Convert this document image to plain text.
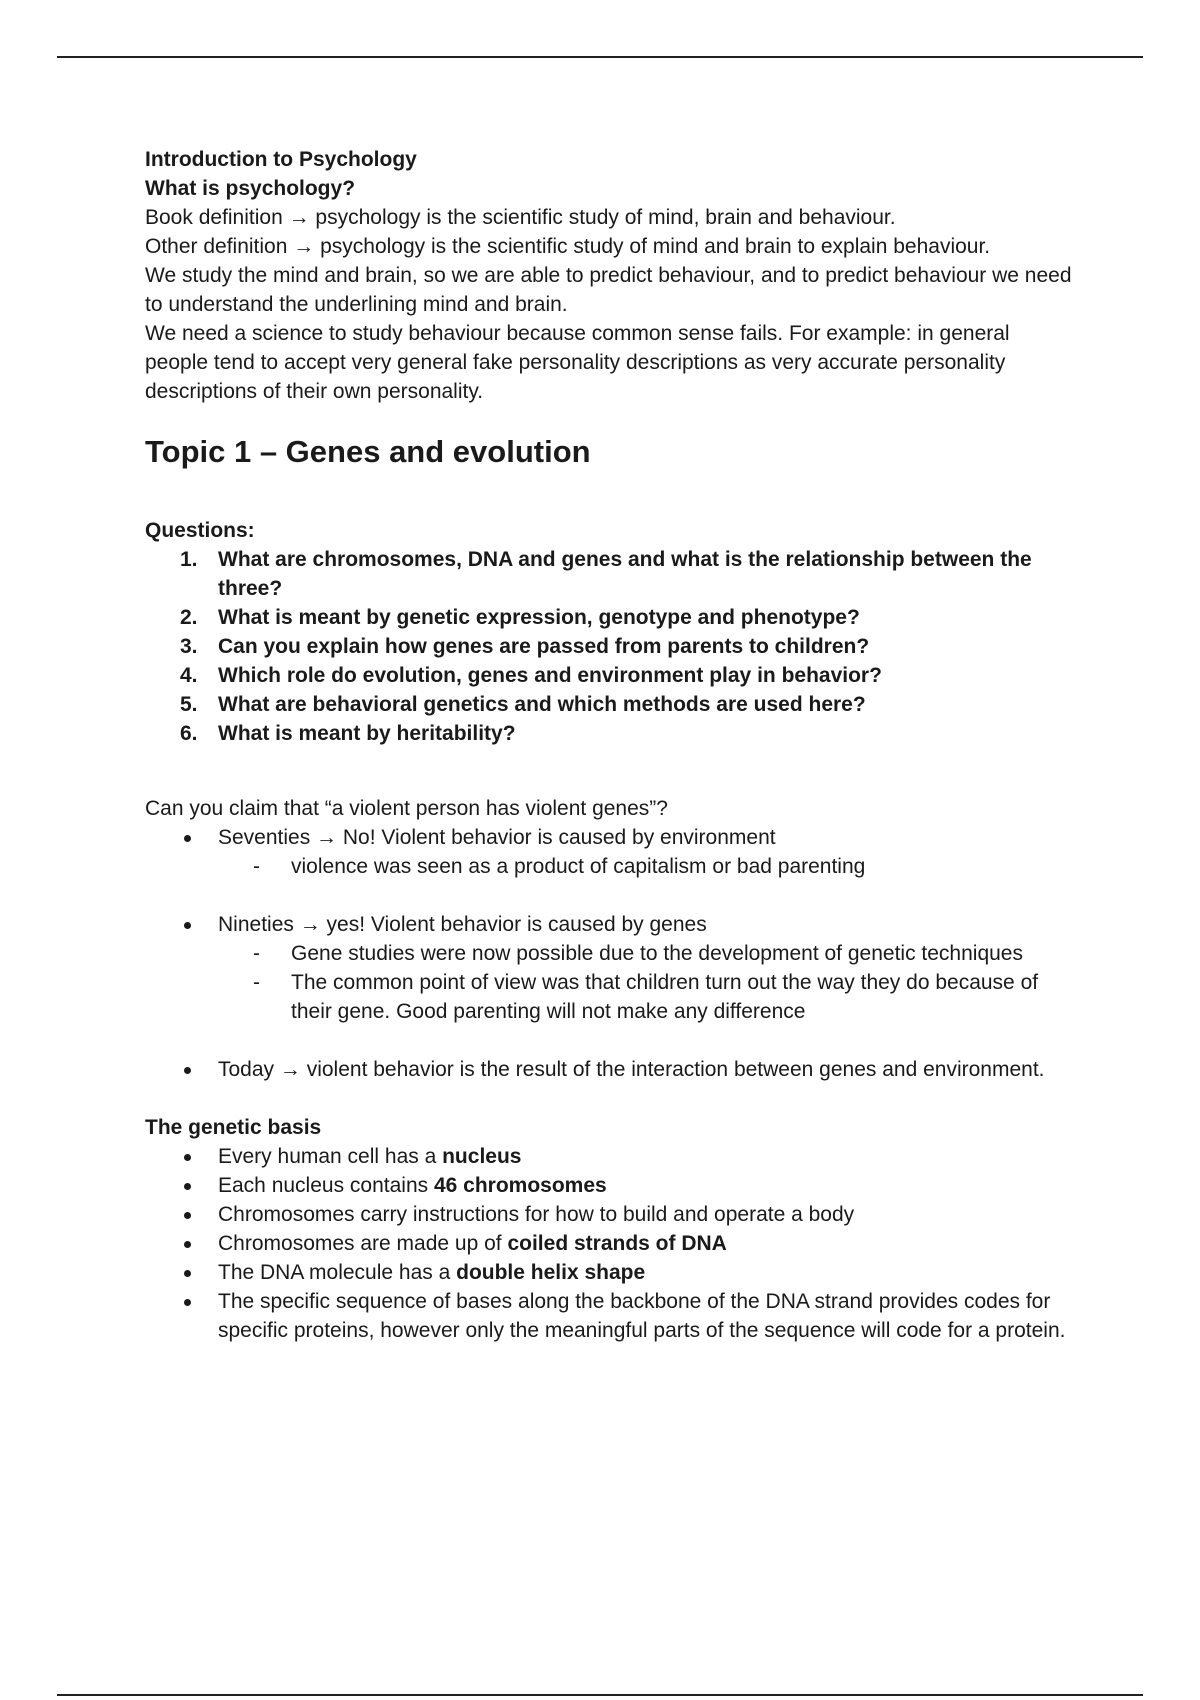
Introduction to Psychology

What is psychology?

Book definition → psychology is the scientific study of mind, brain and behaviour.

Other definition → psychology is the scientific study of mind and brain to explain behaviour.

We study the mind and brain, so we are able to predict behaviour, and to predict behaviour we need to understand the underlining mind and brain.

We need a science to study behaviour because common sense fails. For example: in general people tend to accept very general fake personality descriptions as very accurate personality descriptions of their own personality.

Topic 1 – Genes and evolution

Questions:

1. What are chromosomes, DNA and genes and what is the relationship between the three?
2. What is meant by genetic expression, genotype and phenotype?
3. Can you explain how genes are passed from parents to children?
4. Which role do evolution, genes and environment play in behavior?
5. What are behavioral genetics and which methods are used here?
6. What is meant by heritability?

Can you claim that “a violent person has violent genes”?

Seventies → No! Violent behavior is caused by environment
- violence was seen as a product of capitalism or bad parenting
Nineties → yes! Violent behavior is caused by genes
- Gene studies were now possible due to the development of genetic techniques
- The common point of view was that children turn out the way they do because of their gene. Good parenting will not make any difference
Today → violent behavior is the result of the interaction between genes and environment.

The genetic basis

Every human cell has a nucleus
Each nucleus contains 46 chromosomes
Chromosomes carry instructions for how to build and operate a body
Chromosomes are made up of coiled strands of DNA
The DNA molecule has a double helix shape
The specific sequence of bases along the backbone of the DNA strand provides codes for specific proteins, however only the meaningful parts of the sequence will code for a protein.
